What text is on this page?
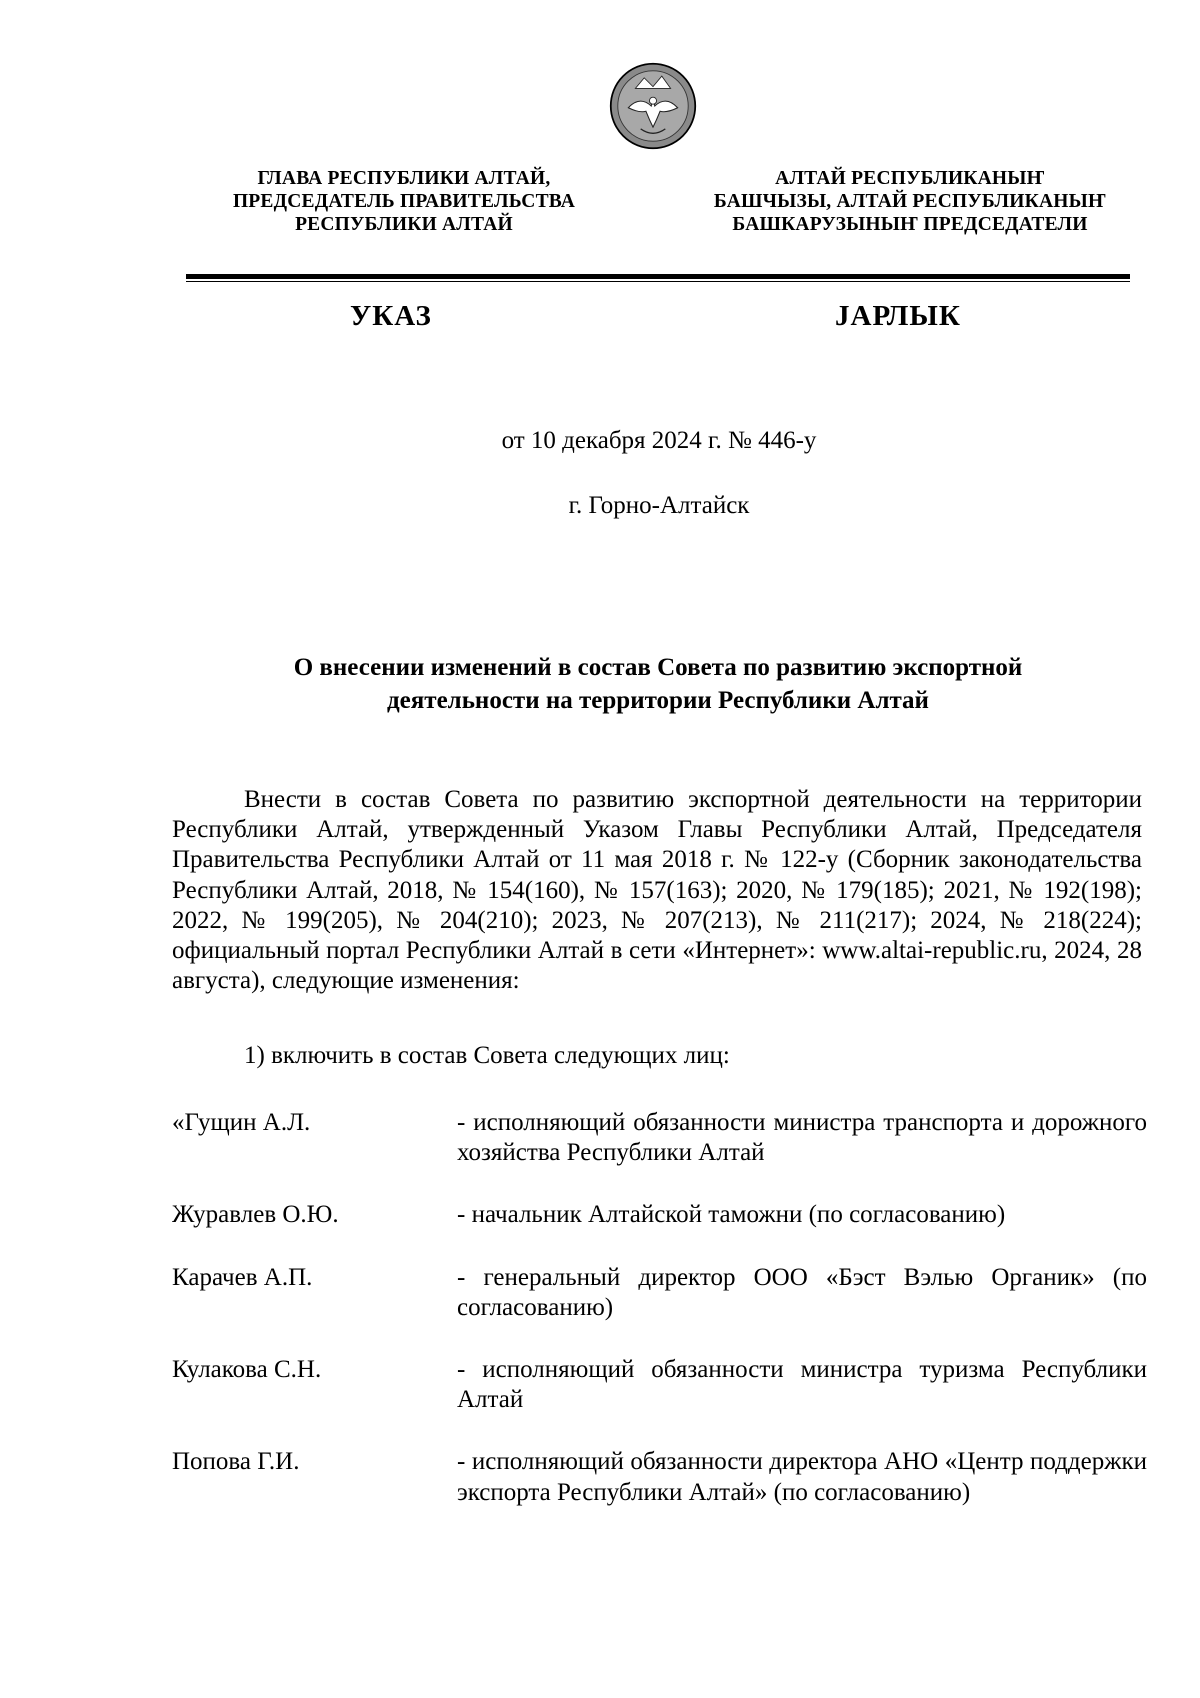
ГЛАВА РЕСПУБЛИКИ АЛТАЙ,
ПРЕДСЕДАТЕЛЬ ПРАВИТЕЛЬСТВА
РЕСПУБЛИКИ АЛТАЙ
АЛТАЙ РЕСПУБЛИКАНЫҤ
БАШЧЫЗЫ, АЛТАЙ РЕСПУБЛИКАНЫҤ
БАШКАРУЗЫНЫҤ ПРЕДСЕДАТЕЛИ
УКАЗ	JАРЛЫК
от 10 декабря 2024 г. № 446-у
г. Горно-Алтайск
О внесении изменений в состав Совета по развитию экспортной
деятельности на территории Республики Алтай
Внести в состав Совета по развитию экспортной деятельности на территории Республики Алтай, утвержденный Указом Главы Республики Алтай, Председателя Правительства Республики Алтай от 11 мая 2018 г. № 122-у (Сборник законодательства Республики Алтай, 2018, № 154(160), № 157(163); 2020, № 179(185); 2021, № 192(198); 2022, № 199(205), № 204(210); 2023, № 207(213), № 211(217); 2024, № 218(224); официальный портал Республики Алтай в сети «Интернет»: www.altai-republic.ru, 2024, 28 августа), следующие изменения:
1) включить в состав Совета следующих лиц:
«Гущин А.Л.	- исполняющий обязанности министра транспорта и дорожного хозяйства Республики Алтай
Журавлев О.Ю.	- начальник Алтайской таможни (по согласованию)
Карачев А.П.	- генеральный директор ООО «Бэст Вэлью Органик» (по согласованию)
Кулакова С.Н.	- исполняющий обязанности министра туризма Республики Алтай
Попова Г.И.	- исполняющий обязанности директора АНО «Центр поддержки экспорта Республики Алтай» (по согласованию)
